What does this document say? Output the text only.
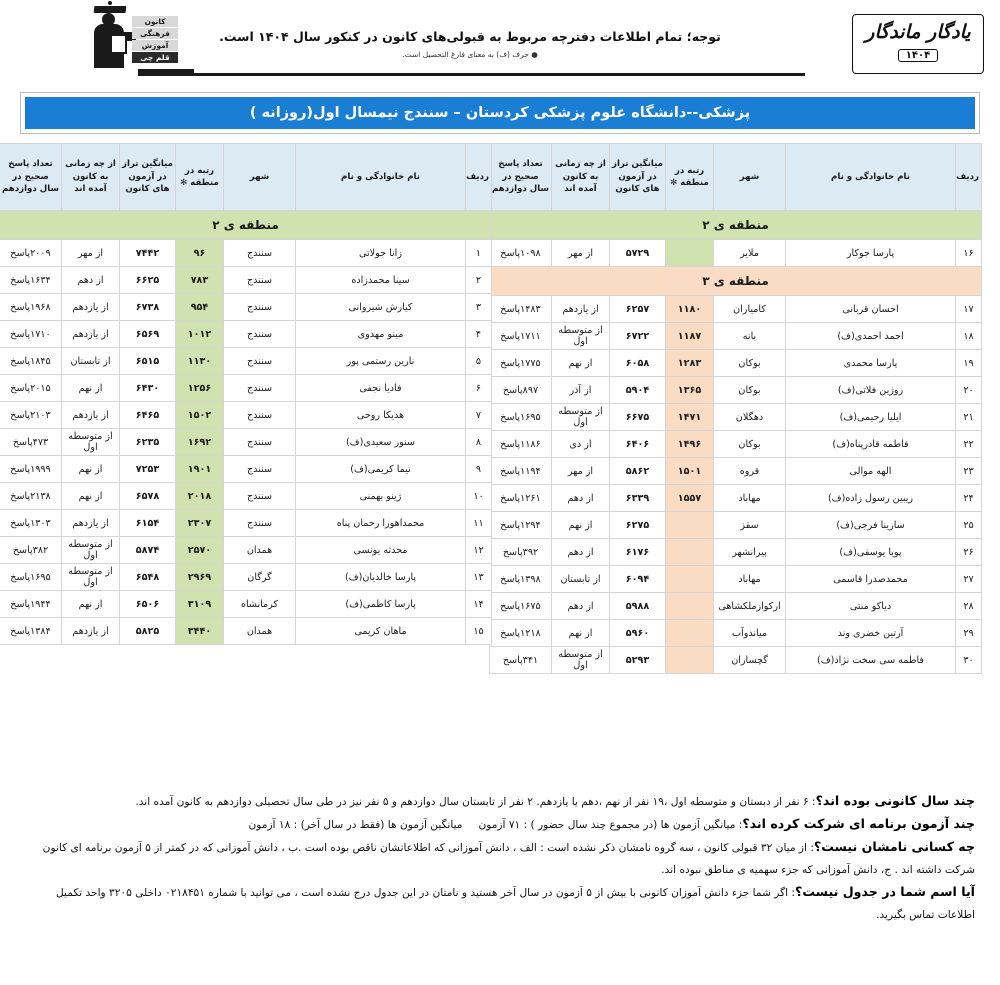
کانون
فرهنگی
آموزش
قلم چی
توجه؛ تمام اطلاعات دفترچه مربوط به قبولی‌های کانون در کنکور سال ۱۴۰۴ است.
● حرف (ف) به معنای فارغ التحصیل است.
یادگار ماندگار
۱۴۰۴
پزشکی--دانشگاه علوم پزشکی کردستان – سنندج نیمسال اول(روزانه )
ردیف	نام خانوادگی و نام	شهر	رتبه در منطقه ✻	میانگین تراز در آزمون های کانون	از چه زمانی به کانون آمده اند	تعداد پاسخ صحیح در سال دوازدهم
منطقه ی ۲						
۱۶	پارسا جوکار	ملایر		۵۷۲۹	از مهر	۱۰۹۸پاسخ
منطقه ی ۳						
۱۷	احسان قربانی	کامیاران	۱۱۸۰	۶۲۵۷	از یازدهم	۱۴۸۳پاسخ
۱۸	احمد احمدی(ف)	بانه	۱۱۸۷	۶۷۲۲	از متوسطه اول	۱۷۱۱پاسخ
۱۹	پارسا محمدی	بوکان	۱۲۸۳	۶۰۵۸	از نهم	۱۷۷۵پاسخ
۲۰	روژین فلاتی(ف)	بوکان	۱۳۶۵	۵۹۰۴	از آذر	۸۹۷پاسخ
۲۱	ایلیا رحیمی(ف)	دهگلان	۱۴۷۱	۶۶۷۵	از متوسطه اول	۱۶۹۵پاسخ
۲۲	فاطمه قادرپناه(ف)	بوکان	۱۴۹۶	۶۴۰۶	از دی	۱۱۸۶پاسخ
۲۳	الهه موالی	قروه	۱۵۰۱	۵۸۶۲	از مهر	۱۱۹۴پاسخ
۲۴	ریبین رسول زاده(ف)	مهاباد	۱۵۵۷	۶۳۳۹	از دهم	۱۲۶۱پاسخ
۲۵	سارینا فرجی(ف)	سقز		۶۲۷۵	از نهم	۱۲۹۴پاسخ
۲۶	پویا یوسفی(ف)	پیرانشهر		۶۱۷۶	از دهم	۳۹۲پاسخ
۲۷	محمدصدرا قاسمی	مهاباد		۶۰۹۴	از تابستان	۱۳۹۸پاسخ
۲۸	دیاکو منتی	ارکوازملکشاهی		۵۹۸۸	از دهم	۱۶۷۵پاسخ
۲۹	آرتین خضری وند	میاندوآب		۵۹۶۰	از نهم	۱۲۱۸پاسخ
۳۰	فاطمه سی سخت نژاد(ف)	گچساران		۵۲۹۳	از متوسطه اول	۳۴۱پاسخ
ردیف	نام خانوادگی و نام	شهر	رتبه در منطقه ✻	میانگین تراز در آزمون های کانون	از چه زمانی به کانون آمده اند	تعداد پاسخ صحیح در سال دوازدهم
منطقه ی ۲						
۱	زانا جولاتی	سنندج	۹۶	۷۴۴۲	از مهر	۲۰۰۹پاسخ
۲	سینا محمدزاده	سنندج	۷۸۳	۶۶۲۵	از دهم	۱۶۳۴پاسخ
۳	کیارش شیروانی	سنندج	۹۵۴	۶۷۳۸	از یازدهم	۱۹۶۸پاسخ
۴	مینو مهدوی	سنندج	۱۰۱۲	۶۵۶۹	از یازدهم	۱۷۱۰پاسخ
۵	نارین رستمی پور	سنندج	۱۱۳۰	۶۵۱۵	از تابستان	۱۸۴۵پاسخ
۶	فادیا نجفی	سنندج	۱۲۵۶	۶۴۳۰	از نهم	۲۰۱۵پاسخ
۷	هدیکا روحی	سنندج	۱۵۰۲	۶۴۶۵	از یازدهم	۲۱۰۳پاسخ
۸	سنور سعیدی(ف)	سنندج	۱۶۹۲	۶۲۳۵	از متوسطه اول	۴۷۳پاسخ
۹	نیما کریمی(ف)	سنندج	۱۹۰۱	۷۲۵۳	از نهم	۱۹۹۹پاسخ
۱۰	ژینو بهمنی	سنندج	۲۰۱۸	۶۵۷۸	از نهم	۲۱۳۸پاسخ
۱۱	محمداهورا رحمان پناه	سنندج	۲۳۰۷	۶۱۵۴	از یازدهم	۱۳۰۳پاسخ
۱۲	محدثه یونسی	همدان	۲۵۷۰	۵۸۷۴	از متوسطه اول	۳۸۲پاسخ
۱۳	پارسا خالدیان(ف)	گرگان	۲۹۶۹	۶۵۴۸	از متوسطه اول	۱۶۹۵پاسخ
۱۴	پارسا کاظمی(ف)	کرمانشاه	۳۱۰۹	۶۵۰۶	از نهم	۱۹۴۴پاسخ
۱۵	ماهان کریمی	همدان	۳۴۴۰	۵۸۲۵	از یازدهم	۱۳۸۴پاسخ
چند سال کانونی بوده اند؟: ۶ نفر از دبستان و متوسطه اول ،۱۹ نفر از نهم ،دهم یا یازدهم. ۲ نفر از تابستان سال دوازدهم و ۵ نفر نیز در طی سال تحصیلی دوازدهم به کانون آمده اند.
چند آزمون برنامه ای شرکت کرده اند؟: میانگین آزمون ها (در مجموع چند سال حضور ) : ۷۱ آزمونمیانگین آزمون ها (فقط در سال آخر) : ۱۸ آزمون
چه کسانی نامشان نیست؟: از میان ۳۲ قبولی کانون ، سه گروه نامشان ذکر نشده است : الف ، دانش آموزانی که اطلاعاتشان ناقص بوده است .ب ، دانش آموزانی که در کمتر از ۵ آزمون برنامه ای کانون شرکت داشته اند . ج، دانش آموزانی که جزء سهمیه ی مناطق نبوده اند.
آیا اسم شما در جدول نیست؟: اگر شما جزء دانش آموزان کانونی با بیش از ۵ آزمون در سال آخر هستید و نامتان در این جدول درج نشده است ، می توانید با شماره ۰۲۱۸۴۵۱ داخلی ۳۲۰۵ واحد تکمیل اطلاعات تماس بگیرید.
